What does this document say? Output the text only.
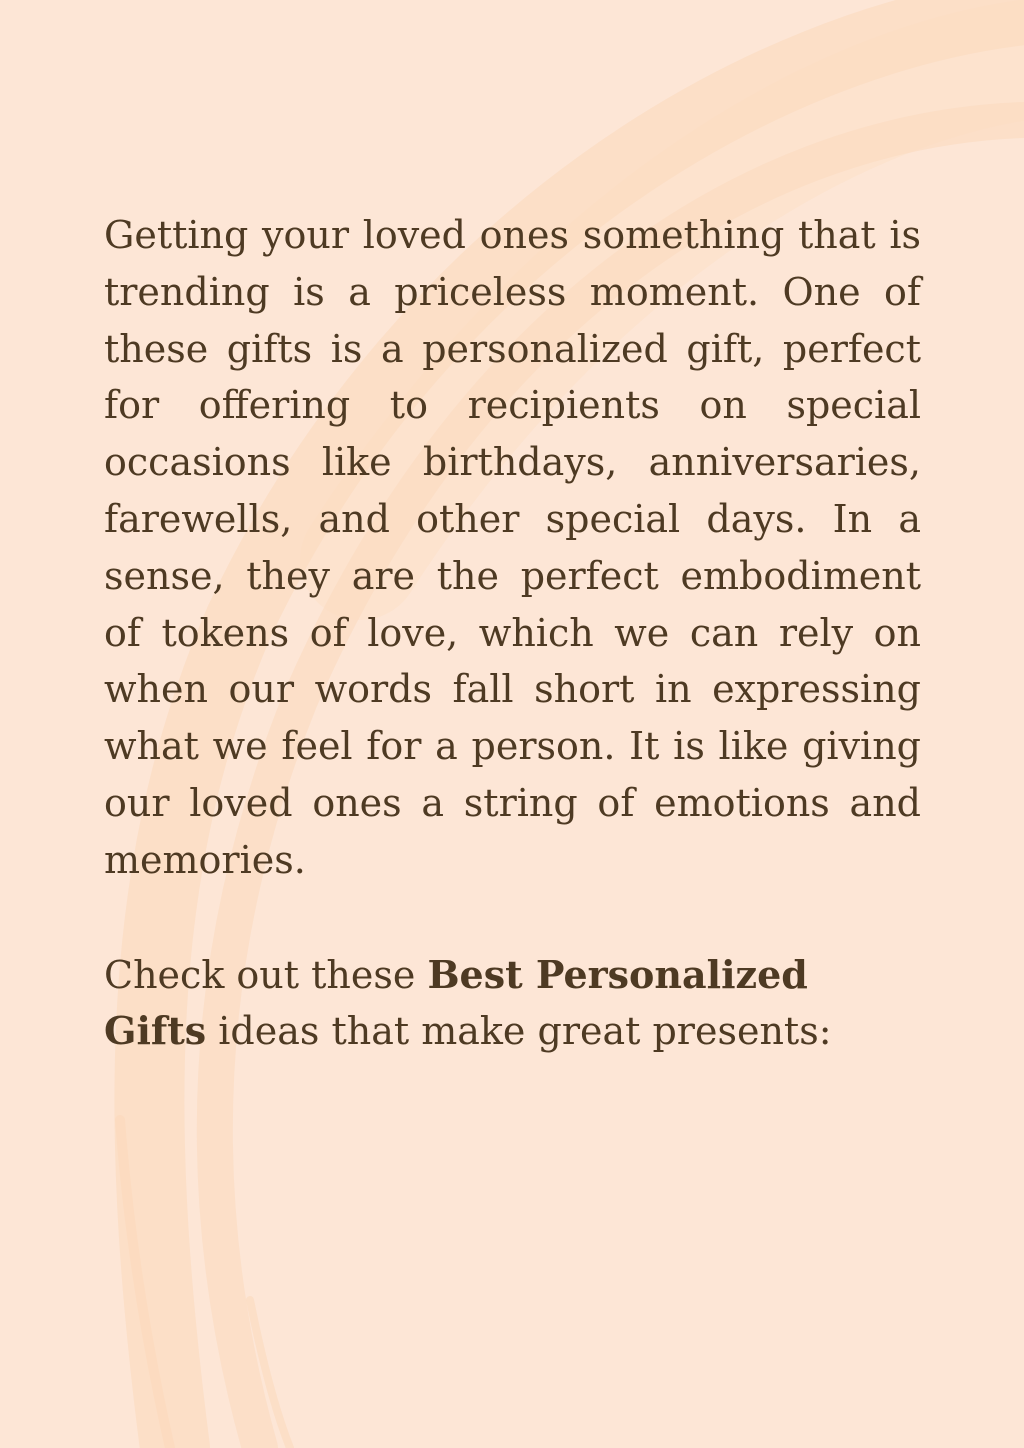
Getting your loved ones something that is trending is a priceless moment. One of these gifts is a personalized gift, perfect for offering to recipients on special occasions like birthdays, anniversaries, farewells, and other special days. In a sense, they are the perfect embodiment of tokens of love, which we can rely on when our words fall short in expressing what we feel for a person. It is like giving our loved ones a string of emotions and memories.

Check out these Best Personalized Gifts ideas that make great presents:
